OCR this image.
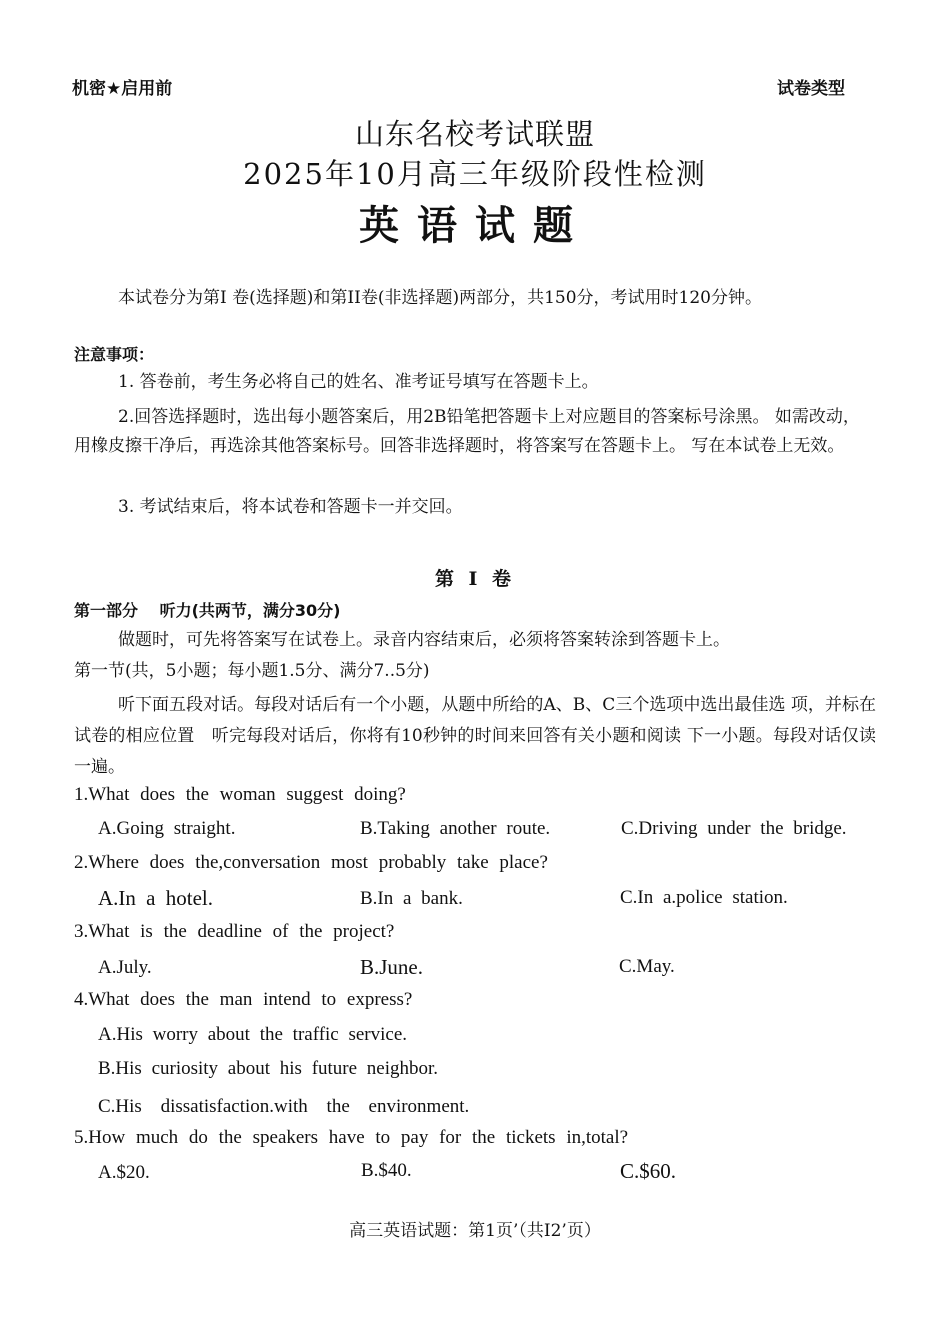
机密★启用前	试卷类型
山东名校考试联盟
2025年10月高三年级阶段性检测
英语试题
本试卷分为第I 卷(选择题)和第II卷(非选择题)两部分，共150分，考试用时120分钟。
注意事项：
1. 答卷前，考生务必将自己的姓名、准考证号填写在答题卡上。
2.回答选择题时，选出每小题答案后，用2B铅笔把答题卡上对应题目的答案标号涂黑。 如需改动，用橡皮擦干净后，再选涂其他答案标号。回答非选择题时，将答案写在答题卡上。 写在本试卷上无效。
3. 考试结束后，将本试卷和答题卡一并交回。
第 I 卷
第一部分　 听力(共两节，满分30分)
做题时，可先将答案写在试卷上。录音内容结束后，必须将答案转涂到答题卡上。
第一节(共，5小题；每小题1.5分、满分7..5分)
听下面五段对话。每段对话后有一个小题，从题中所给的A、B、C三个选项中选出最佳选 项，并标在试卷的相应位置　听完每段对话后，你将有10秒钟的时间来回答有关小题和阅读 下一小题。每段对话仅读一遍。
1.What does the woman suggest doing?
A.Going straight.	B.Taking another route.	C.Driving under the bridge.
2.Where does the,conversation most probably take place?
A.In a hotel.	B.In a bank.	C.In a.police station.
3.What is the deadline of the project?
A.July.	B.June.	C.May.
4.What does the man intend to express?
A.His worry about the traffic service.
B.His curiosity about his future neighbor.
C.His dissatisfaction.with the environment.
5.How much do the speakers have to pay for the tickets in,total?
A.$20.	B.$40.	C.$60.
高三英语试题：第1页’（共I2’页）
